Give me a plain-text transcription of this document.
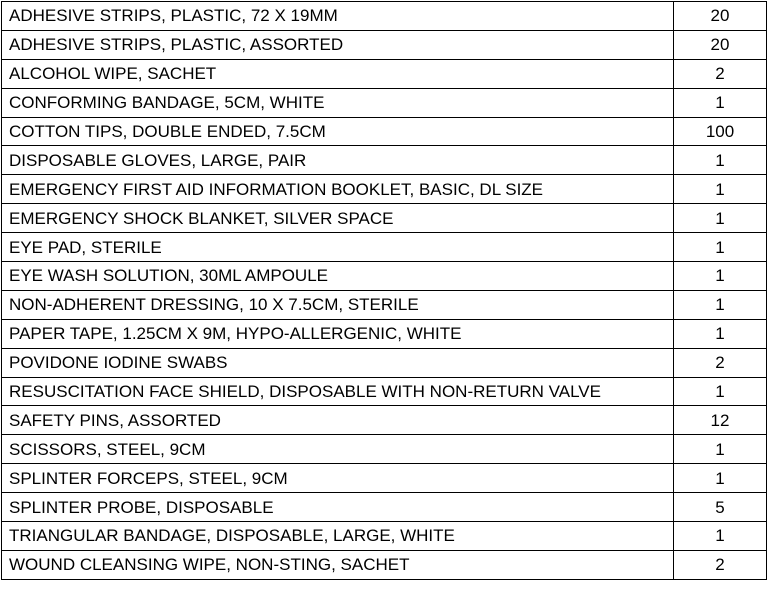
ADHESIVE STRIPS, PLASTIC, 72 X 19MM	20
ADHESIVE STRIPS, PLASTIC, ASSORTED	20
ALCOHOL WIPE, SACHET	2
CONFORMING BANDAGE, 5CM, WHITE	1
COTTON TIPS, DOUBLE ENDED, 7.5CM	100
DISPOSABLE GLOVES, LARGE, PAIR	1
EMERGENCY FIRST AID INFORMATION BOOKLET, BASIC, DL SIZE	1
EMERGENCY SHOCK BLANKET, SILVER SPACE	1
EYE PAD, STERILE	1
EYE WASH SOLUTION, 30ML AMPOULE	1
NON-ADHERENT DRESSING, 10 X 7.5CM, STERILE	1
PAPER TAPE, 1.25CM X 9M, HYPO-ALLERGENIC, WHITE	1
POVIDONE IODINE SWABS	2
RESUSCITATION FACE SHIELD, DISPOSABLE WITH NON-RETURN VALVE	1
SAFETY PINS, ASSORTED	12
SCISSORS, STEEL, 9CM	1
SPLINTER FORCEPS, STEEL, 9CM	1
SPLINTER PROBE, DISPOSABLE	5
TRIANGULAR BANDAGE, DISPOSABLE, LARGE, WHITE	1
WOUND CLEANSING WIPE, NON-STING, SACHET	2
